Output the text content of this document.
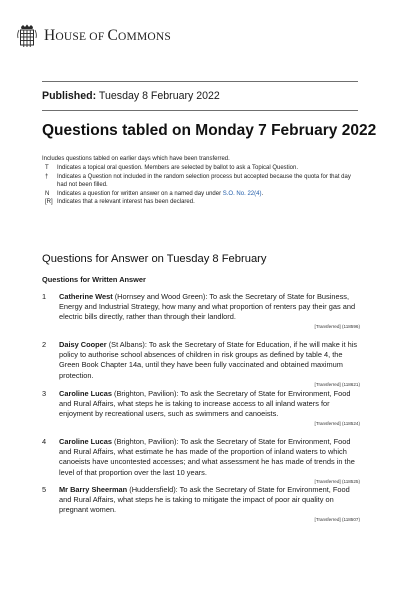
HOUSE OF COMMONS
Published: Tuesday 8 February 2022
Questions tabled on Monday 7 February 2022
Includes questions tabled on earlier days which have been transferred.
T	Indicates a topical oral question. Members are selected by ballot to ask a Topical Question.
†	Indicates a Question not included in the random selection process but accepted because the quota for that day had not been filled.
N	Indicates a question for written answer on a named day under S.O. No. 22(4).
[R] Indicates that a relevant interest has been declared.
Questions for Answer on Tuesday 8 February
Questions for Written Answer
1	Catherine West (Hornsey and Wood Green): To ask the Secretary of State for Business, Energy and Industrial Strategy, how many and what proportion of renters pay their gas and electric bills directly, rather than through their landlord.
[Transferred] (118596)
2	Daisy Cooper (St Albans): To ask the Secretary of State for Education, if he will make it his policy to authorise school absences of children in risk groups as defined by table 4, the Green Book Chapter 14a, until they have been fully vaccinated and obtained maximum protection.
[Transferred] (118621)
3	Caroline Lucas (Brighton, Pavilion): To ask the Secretary of State for Environment, Food and Rural Affairs, what steps he is taking to increase access to all inland waters for enjoyment by recreational users, such as swimmers and canoeists.
[Transferred] (118524)
4	Caroline Lucas (Brighton, Pavilion): To ask the Secretary of State for Environment, Food and Rural Affairs, what estimate he has made of the proportion of inland waters to which canoeists have uncontested accesses; and what assessment he has made of trends in the level of that proportion over the last 10 years.
[Transferred] (118525)
5	Mr Barry Sheerman (Huddersfield): To ask the Secretary of State for Environment, Food and Rural Affairs, what steps he is taking to mitigate the impact of poor air quality on pregnant women.
[Transferred] (118507)
